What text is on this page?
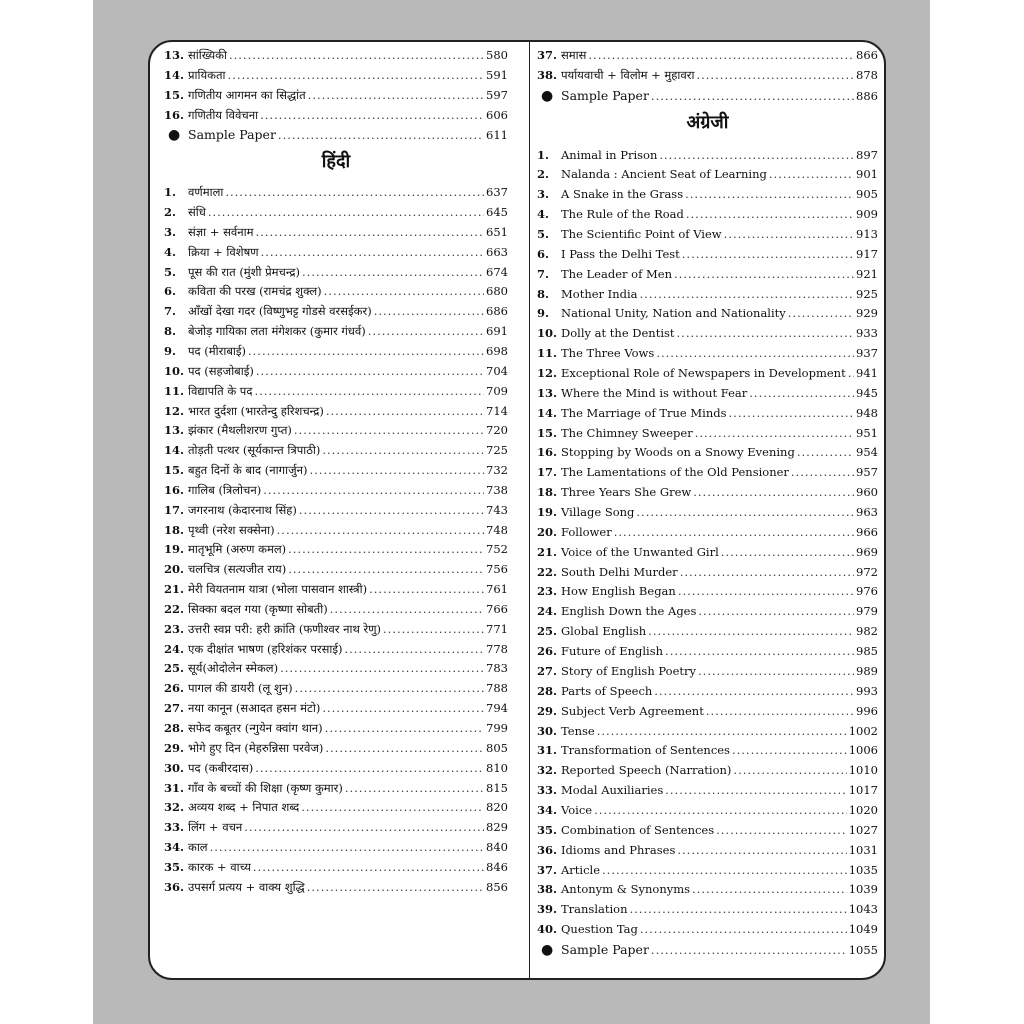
13. सांख्यिकी .....	580
14. प्रायिकता .....	591
15. गणितीय आगमन का सिद्धांत .....	597
16. गणितीय विवेचना .....	606
● Sample Paper .....	611
हिंदी
1.	वर्णमाला .....	637
2.	संधि .....	645
3.	संज्ञा + सर्वनाम .....	651
4.	क्रिया + विशेषण .....	663
5.	पूस की रात (मुंशी प्रेमचन्द्र) .....	674
6.	कविता की परख (रामचंद्र शुक्ल) .....	680
7.	आँखों देखा गदर (विष्णुभट्ट गोडसे वरसईकर) .....	686
8.	बेजोड़ गायिका लता मंगेशकर (कुमार गंधर्व) .....	691
9.	पद (मीराबाई) .....	698
10. पद (सहजोबाई) .....	704
11. विद्यापति के पद .....	709
12. भारत दुर्दशा (भारतेन्दु हरिशचन्द्र) .....	714
13. झंकार (मैथलीशरण गुप्त) .....	720
14. तोड़ती पत्थर (सूर्यकान्त त्रिपाठी) .....	725
15. बहुत दिनों के बाद (नागार्जुन) .....	732
16. गालिब (त्रिलोचन) .....	738
17. जगरनाथ (केदारनाथ सिंह) .....	743
18. पृथ्वी (नरेश सक्सेना) .....	748
19. मातृभूमि (अरुण कमल) .....	752
20. चलचित्र (सत्यजीत राय) .....	756
21. मेरी वियतनाम यात्रा (भोला पासवान शास्त्री) .....	761
22. सिक्का बदल गया (कृष्णा सोबती) .....	766
23. उत्तरी स्वप्न परी: हरी क्रांति (फणीश्वर नाथ रेणु) .....	771
24. एक दीक्षांत भाषण (हरिशंकर परसाई) .....	778
25. सूर्य(ओदोलेन स्मेकल) .....	783
26. पागल की डायरी (लू शुन) .....	788
27. नया कानून (सआदत हसन मंटो) .....	794
28. सफेद कबूतर (न्गुयेन क्वांग थान) .....	799
29. भोगे हुए दिन (मेहरुन्निसा परवेज) .....	805
30. पद (कबीरदास) .....	810
31. गाँव के बच्चों की शिक्षा (कृष्ण कुमार) .....	815
32. अव्यय शब्द + निपात शब्द .....	820
33. लिंग + वचन .....	829
34. काल .....	840
35. कारक + वाच्य .....	846
36. उपसर्ग प्रत्यय + वाक्य शुद्धि .....	856
37. समास .....	866
38. पर्यायवाची + विलोम + मुहावरा .....	878
● Sample Paper .....	886
अंग्रेजी
1.	Animal in Prison .....	897
2.	Nalanda : Ancient Seat of Learning .....	901
3.	A Snake in the Grass .....	905
4.	The Rule of the Road .....	909
5.	The Scientific Point of View .....	913
6.	I Pass the Delhi Test .....	917
7.	The Leader of Men .....	921
8.	Mother India .....	925
9.	National Unity, Nation and Nationality .....	929
10. Dolly at the Dentist .....	933
11. The Three Vows .....	937
12. Exceptional Role of Newspapers in Development ..... 941
13. Where the Mind is without Fear .....	945
14. The Marriage of True Minds .....	948
15. The Chimney Sweeper .....	951
16. Stopping by Woods on a Snowy Evening .....	954
17. The Lamentations of the Old Pensioner .....	957
18. Three Years She Grew .....	960
19. Village Song .....	963
20. Follower .....	966
21. Voice of the Unwanted Girl .....	969
22. South Delhi Murder .....	972
23. How English Began .....	976
24. English Down the Ages .....	979
25. Global English .....	982
26. Future of English .....	985
27. Story of English Poetry .....	989
28. Parts of Speech .....	993
29. Subject Verb Agreement .....	996
30. Tense .....	1002
31. Transformation of Sentences .....	1006
32. Reported Speech (Narration) .....	1010
33. Modal Auxiliaries .....	1017
34. Voice .....	1020
35. Combination of Sentences .....	1027
36. Idioms and Phrases .....	1031
37. Article .....	1035
38. Antonym & Synonyms .....	1039
39. Translation .....	1043
40. Question Tag .....	1049
● Sample Paper .....	1055
